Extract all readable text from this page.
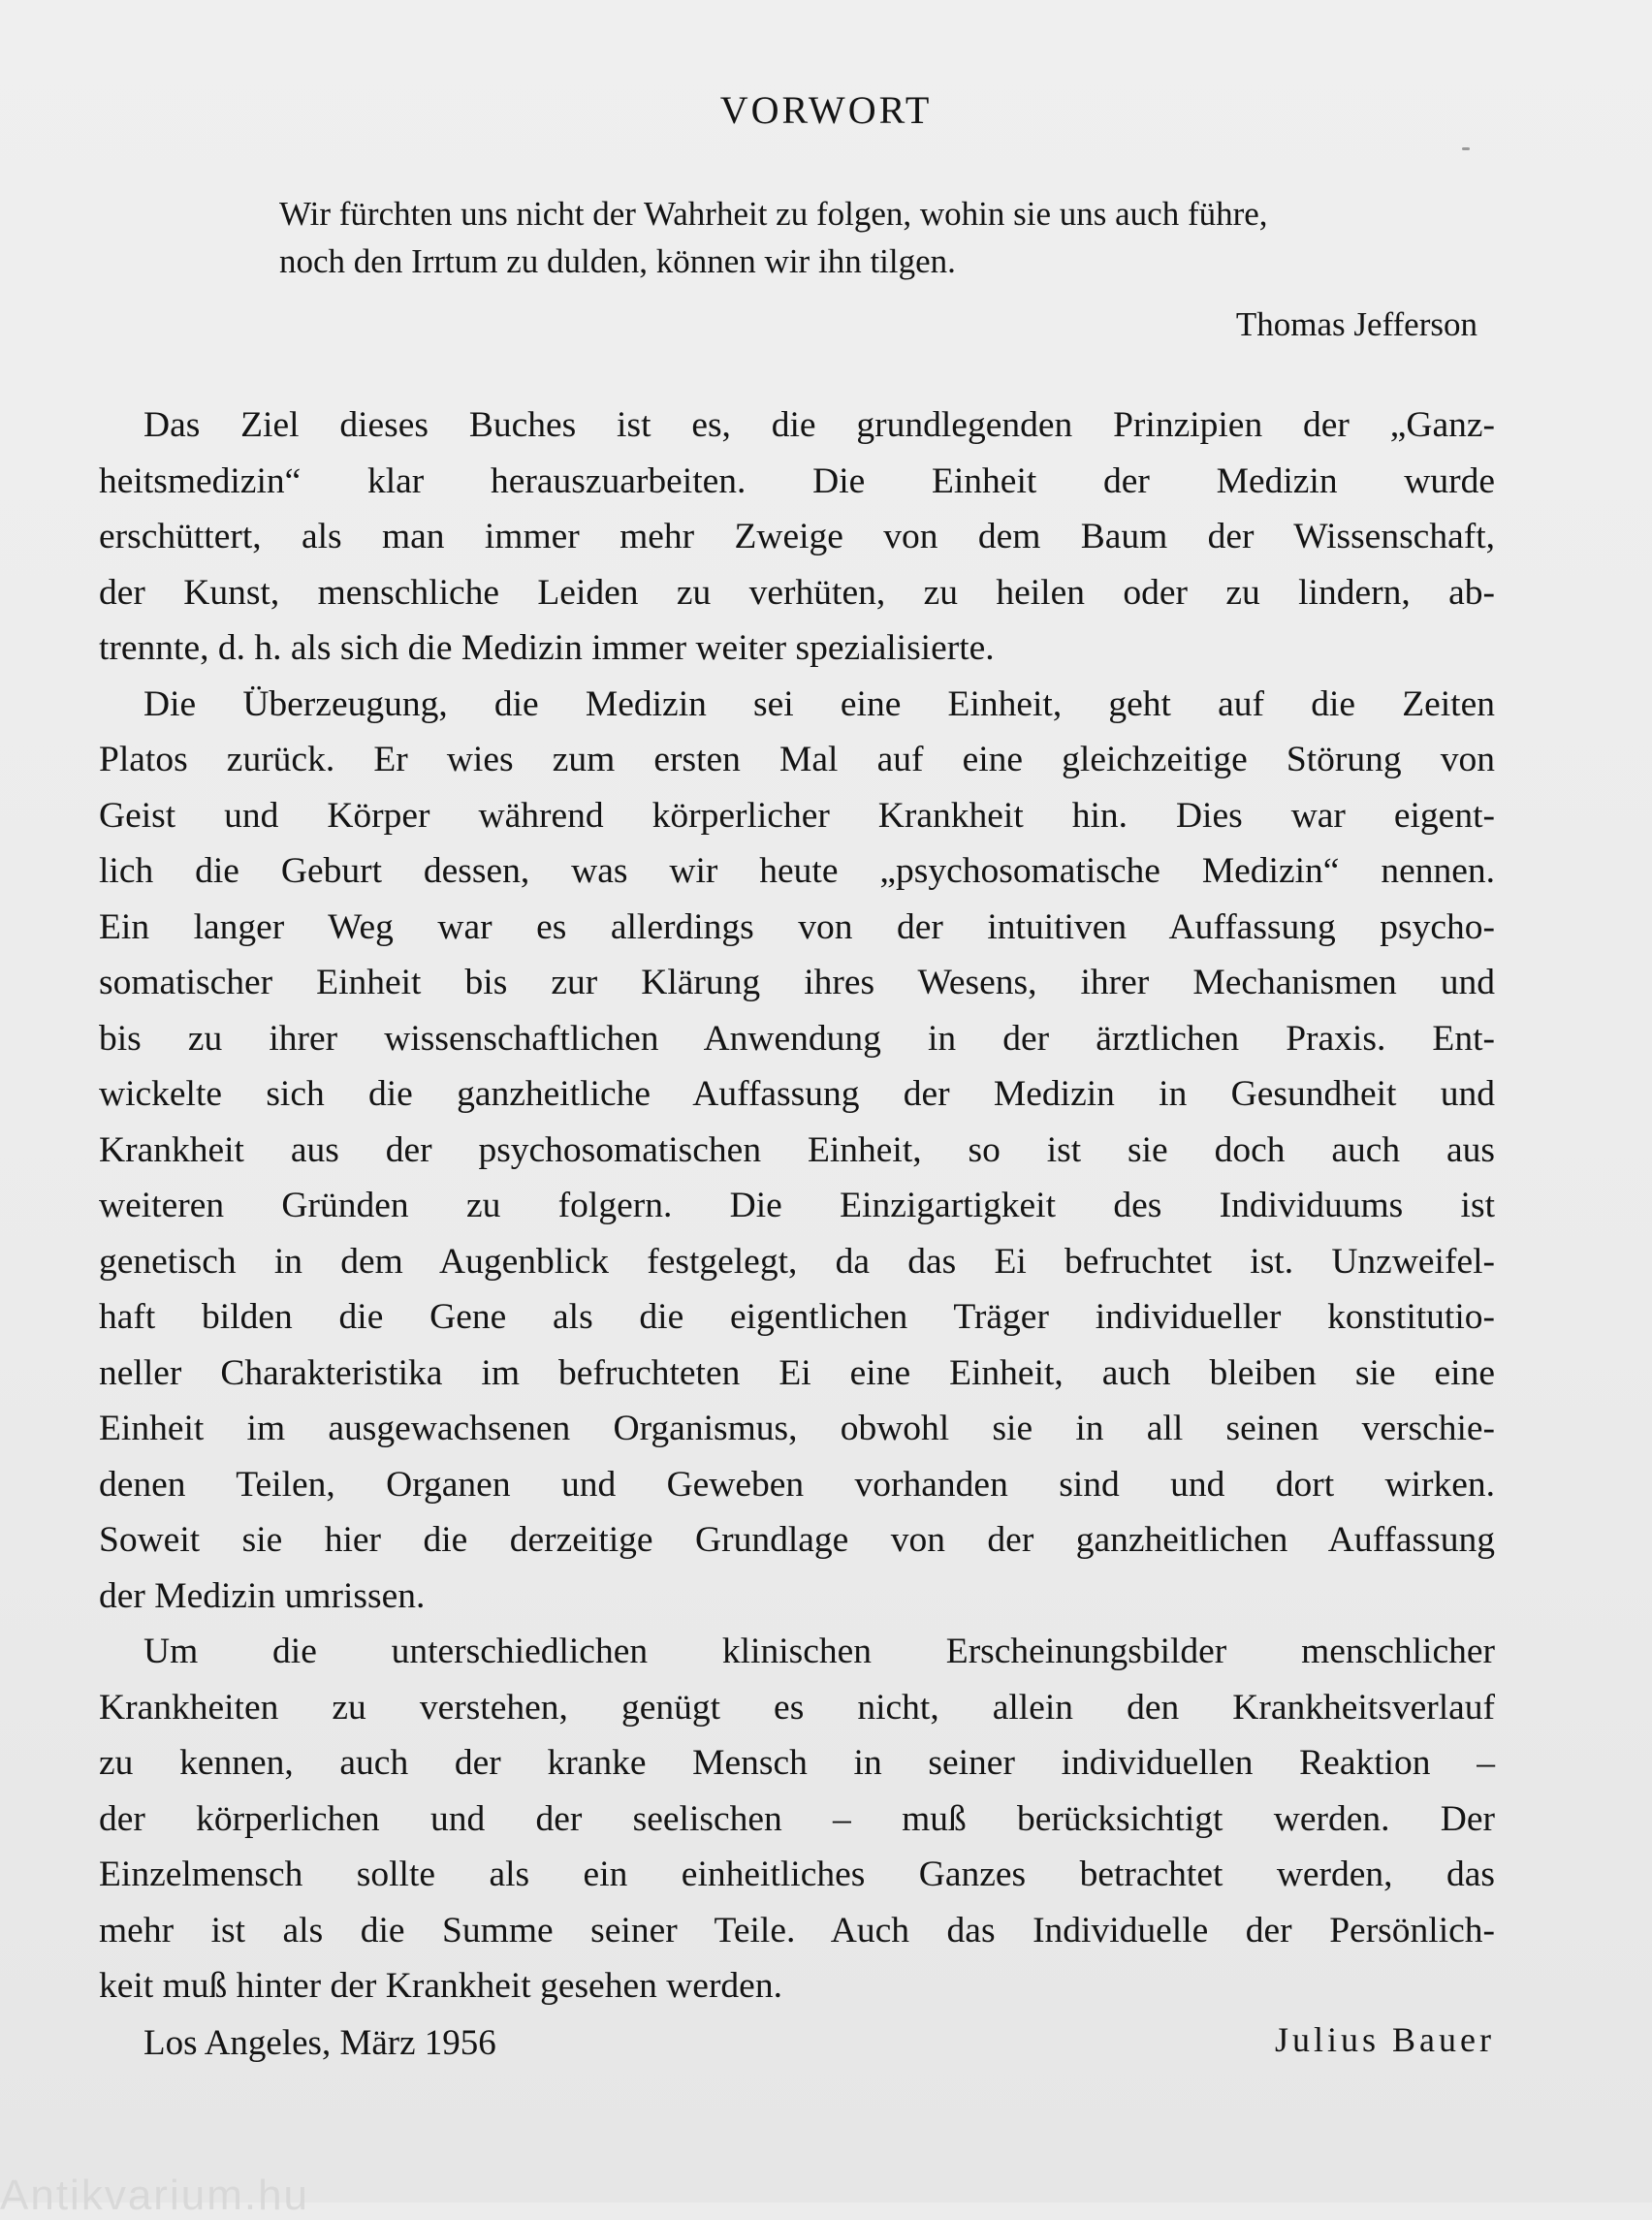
VORWORT
Wir fürchten uns nicht der Wahrheit zu folgen, wohin sie uns auch führe,
noch den Irrtum zu dulden, können wir ihn tilgen.
Thomas Jefferson
Das Ziel dieses Buches ist es, die grundlegenden Prinzipien der „Ganz-
heitsmedizin“ klar herauszuarbeiten. Die Einheit der Medizin wurde
erschüttert, als man immer mehr Zweige von dem Baum der Wissenschaft,
der Kunst, menschliche Leiden zu verhüten, zu heilen oder zu lindern, ab-
trennte, d. h. als sich die Medizin immer weiter spezialisierte.
Die Überzeugung, die Medizin sei eine Einheit, geht auf die Zeiten
Platos zurück. Er wies zum ersten Mal auf eine gleichzeitige Störung von
Geist und Körper während körperlicher Krankheit hin. Dies war eigent-
lich die Geburt dessen, was wir heute „psychosomatische Medizin“ nennen.
Ein langer Weg war es allerdings von der intuitiven Auffassung psycho-
somatischer Einheit bis zur Klärung ihres Wesens, ihrer Mechanismen und
bis zu ihrer wissenschaftlichen Anwendung in der ärztlichen Praxis. Ent-
wickelte sich die ganzheitliche Auffassung der Medizin in Gesundheit und
Krankheit aus der psychosomatischen Einheit, so ist sie doch auch aus
weiteren Gründen zu folgern. Die Einzigartigkeit des Individuums ist
genetisch in dem Augenblick festgelegt, da das Ei befruchtet ist. Unzweifel-
haft bilden die Gene als die eigentlichen Träger individueller konstitutio-
neller Charakteristika im befruchteten Ei eine Einheit, auch bleiben sie eine
Einheit im ausgewachsenen Organismus, obwohl sie in all seinen verschie-
denen Teilen, Organen und Geweben vorhanden sind und dort wirken.
Soweit sie hier die derzeitige Grundlage von der ganzheitlichen Auffassung
der Medizin umrissen.
Um die unterschiedlichen klinischen Erscheinungsbilder menschlicher
Krankheiten zu verstehen, genügt es nicht, allein den Krankheitsverlauf
zu kennen, auch der kranke Mensch in seiner individuellen Reaktion –
der körperlichen und der seelischen – muß berücksichtigt werden. Der
Einzelmensch sollte als ein einheitliches Ganzes betrachtet werden, das
mehr ist als die Summe seiner Teile. Auch das Individuelle der Persönlich-
keit muß hinter der Krankheit gesehen werden.
Los Angeles, März 1956	Julius Bauer
Antikvarium.hu
